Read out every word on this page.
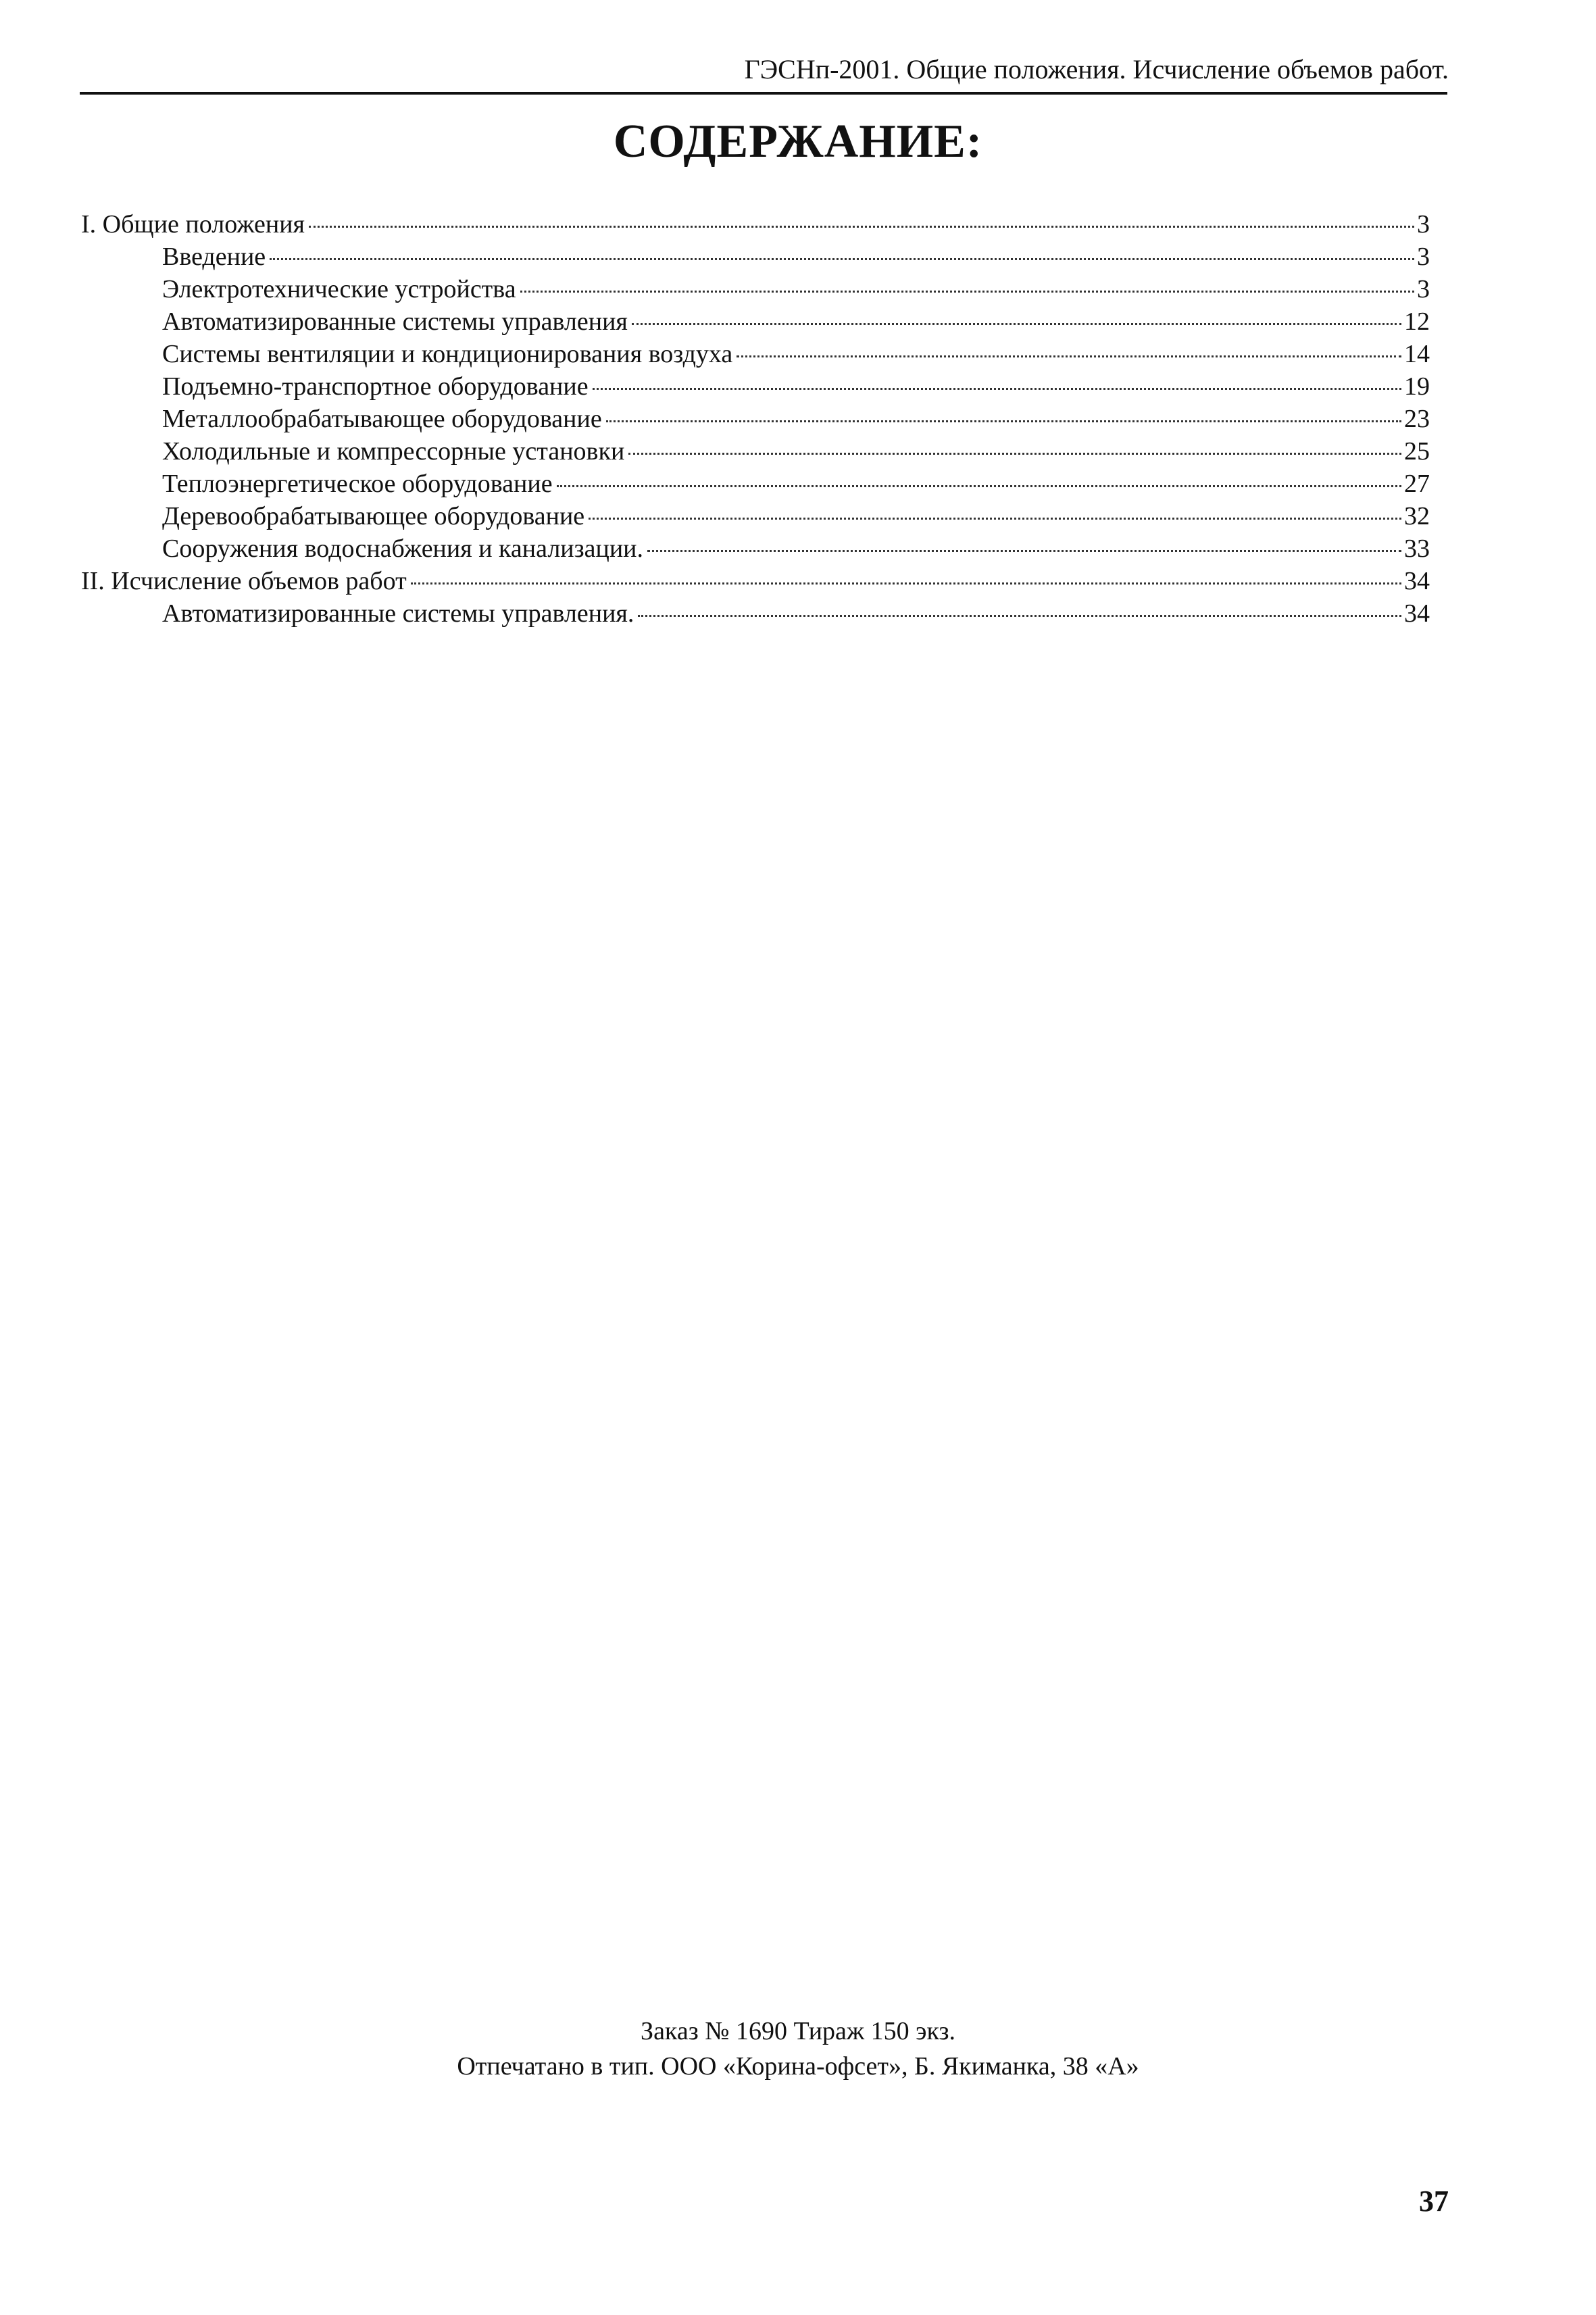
ГЭСНп-2001. Общие положения. Исчисление объемов работ.
СОДЕРЖАНИЕ:
I. Общие положения	3
Введение	3
Электротехнические устройства	3
Автоматизированные системы управления	12
Системы вентиляции и кондиционирования воздуха	14
Подъемно-транспортное оборудование	19
Металлообрабатывающее оборудование	23
Холодильные и компрессорные установки	25
Теплоэнергетическое оборудование	27
Деревообрабатывающее оборудование	32
Сооружения водоснабжения и канализации.	33
II. Исчисление объемов работ	34
Автоматизированные системы управления.	34
Заказ № 1690 Тираж 150 экз.
Отпечатано в тип. ООО «Корина-офсет», Б. Якиманка, 38 «А»
37
